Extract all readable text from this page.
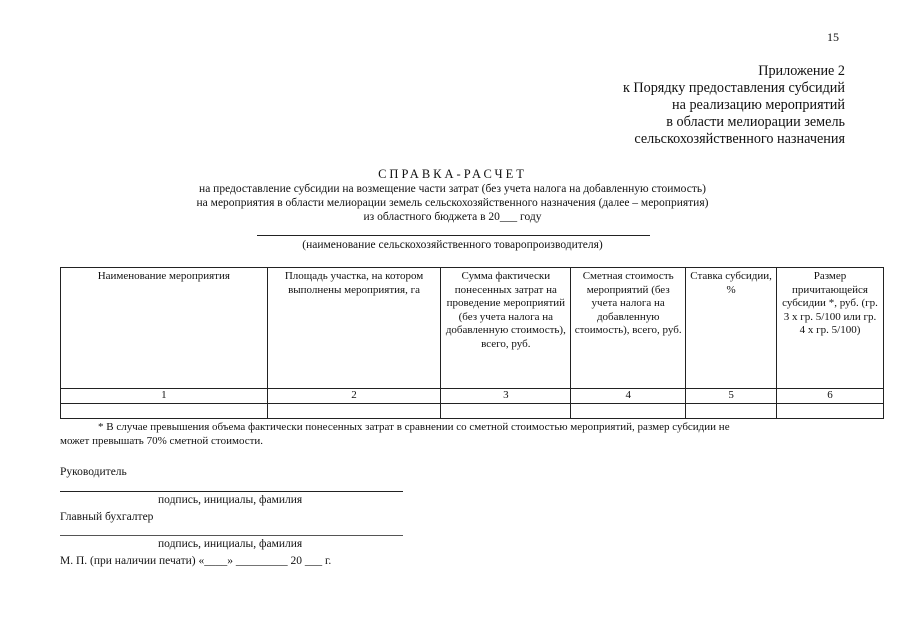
15
Приложение 2
к Порядку предоставления субсидий
на реализацию мероприятий
в области мелиорации земель
сельскохозяйственного назначения
СПРАВКА-РАСЧЕТ
на предоставление субсидии на возмещение части затрат (без учета налога на добавленную стоимость)
на мероприятия в области мелиорации земель сельскохозяйственного назначения (далее – мероприятия)
из областного бюджета в 20___ году
(наименование сельскохозяйственного товаропроизводителя)
Наименование мероприятия	Площадь участка, на котором выполнены мероприятия, га	Сумма фактически понесенных затрат на проведение мероприятий (без учета налога на добавленную стоимость), всего, руб.	Сметная стоимость мероприятий (без учета налога на добавленную стоимость), всего, руб.	Ставка субсидии, %	Размер причитающейся субсидии *, руб. (гр. 3 х гр. 5/100 или гр. 4 х гр. 5/100)
1	2	3	4	5	6

* В случае превышения объема фактически понесенных затрат в сравнении со сметной стоимостью мероприятий, размер субсидии не
может превышать 70% сметной стоимости.
Руководитель
подпись, инициалы, фамилия
Главный бухгалтер
подпись, инициалы, фамилия
М. П. (при наличии печати) «____» _________ 20 ___ г.
